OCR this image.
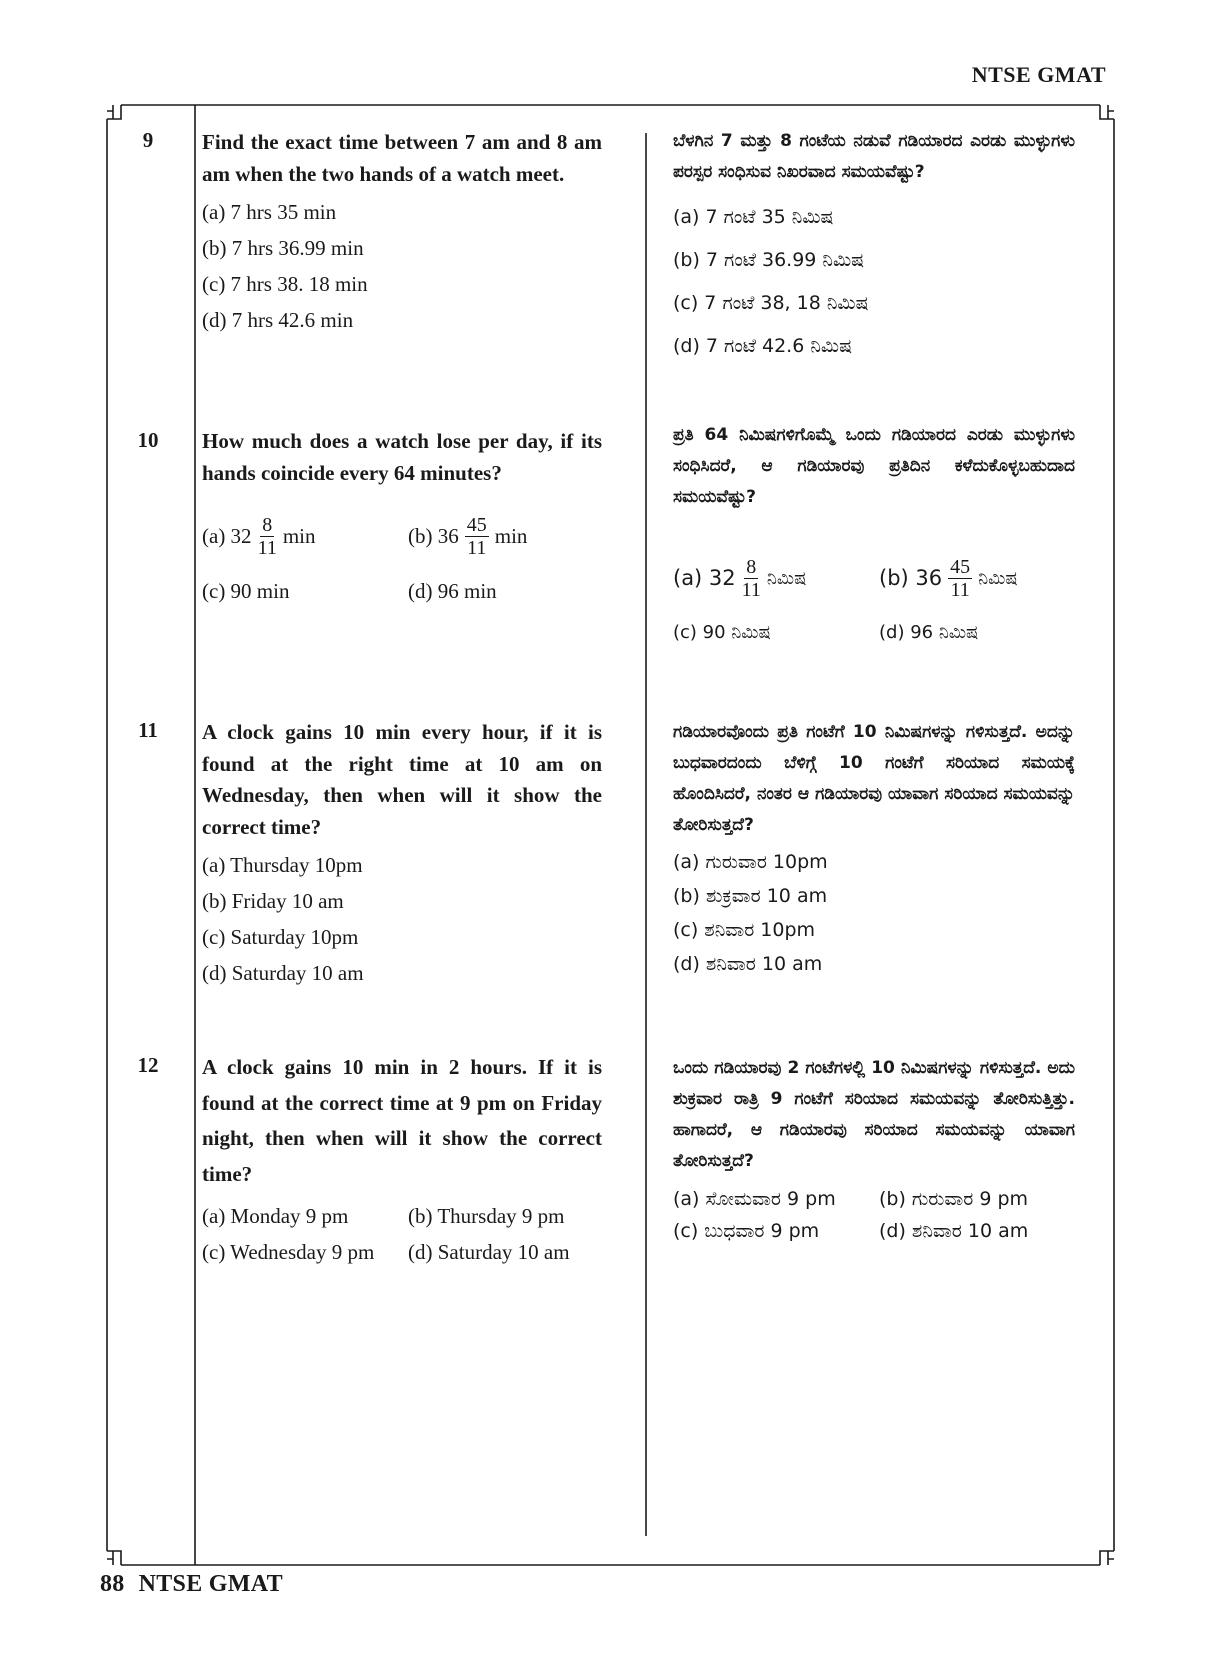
NTSE GMAT
9	Find the exact time between 7 am and 8 am am when the two hands of a watch meet.

(a) 7 hrs 35 min
(b) 7 hrs 36.99 min
(c) 7 hrs 38. 18 min
(d) 7 hrs 42.6 min

ಬೆಳಗಿನ 7 ಮತ್ತು 8 ಗಂಟೆಯ ನಡುವೆ ಗಡಿಯಾರದ ಎರಡು ಮುಳ್ಳುಗಳು ಪರಸ್ಪರ ಸಂಧಿಸುವ ನಿಖರವಾದ ಸಮಯವೆಷ್ಟು?

(a) 7 ಗಂಟೆ 35 ನಿಮಿಷ
(b) 7 ಗಂಟೆ 36.99 ನಿಮಿಷ
(c) 7 ಗಂಟೆ 38, 18 ನಿಮಿಷ
(d) 7 ಗಂಟೆ 42.6 ನಿಮಿಷ
10	How much does a watch lose per day, if its hands coincide every 64 minutes?

(a) $32 \frac{8}{11}$ min	(b) $36 \frac{45}{11}$ min
(c) 90 min	(d) 96 min

ಪ್ರತಿ 64 ನಿಮಿಷಗಳಿಗೊಮ್ಮೆ ಒಂದು ಗಡಿಯಾರದ ಎರಡು ಮುಳ್ಳುಗಳು ಸಂಧಿಸಿದರೆ, ಆ ಗಡಿಯಾರವು ಪ್ರತಿದಿನ ಕಳೆದುಕೊಳ್ಳಬಹುದಾದ ಸಮಯವೆಷ್ಟು?

(a) $32 \frac{8}{11}$ ನಿಮಿಷ	(b) $36 \frac{45}{11}$ ನಿಮಿಷ
(c) 90 ನಿಮಿಷ	(d) 96 ನಿಮಿಷ
11	A clock gains 10 min every hour, if it is found at the right time at 10 am on Wednesday, then when will it show the correct time?

(a) Thursday 10pm
(b) Friday 10 am
(c) Saturday 10pm
(d) Saturday 10 am

ಗಡಿಯಾರವೊಂದು ಪ್ರತಿ ಗಂಟೆಗೆ 10 ನಿಮಿಷಗಳನ್ನು ಗಳಿಸುತ್ತದೆ. ಅದನ್ನು ಬುಧವಾರದಂದು ಬೆಳಿಗ್ಗೆ 10 ಗಂಟೆಗೆ ಸರಿಯಾದ ಸಮಯಕ್ಕೆ ಹೊಂದಿಸಿದರೆ, ನಂತರ ಆ ಗಡಿಯಾರವು ಯಾವಾಗ ಸರಿಯಾದ ಸಮಯವನ್ನು ತೋರಿಸುತ್ತದೆ?

(a) ಗುರುವಾರ 10pm
(b) ಶುಕ್ರವಾರ 10 am
(c) ಶನಿವಾರ 10pm
(d) ಶನಿವಾರ 10 am
12	A clock gains 10 min in 2 hours. If it is found at the correct time at 9 pm on Friday night, then when will it show the correct time?

(a) Monday 9 pm	(b) Thursday 9 pm
(c) Wednesday 9 pm	(d) Saturday 10 am

ಒಂದು ಗಡಿಯಾರವು 2 ಗಂಟೆಗಳಲ್ಲಿ 10 ನಿಮಿಷಗಳನ್ನು ಗಳಿಸುತ್ತದೆ. ಅದು ಶುಕ್ರವಾರ ರಾತ್ರಿ 9 ಗಂಟೆಗೆ ಸರಿಯಾದ ಸಮಯವನ್ನು ತೋರಿಸುತ್ತಿತ್ತು. ಹಾಗಾದರೆ, ಆ ಗಡಿಯಾರವು ಸರಿಯಾದ ಸಮಯವನ್ನು ಯಾವಾಗ ತೋರಿಸುತ್ತದೆ?

(a) ಸೋಮವಾರ 9 pm	(b) ಗುರುವಾರ 9 pm
(c) ಬುಧವಾರ 9 pm	(d) ಶನಿವಾರ 10 am
88 NTSE GMAT
